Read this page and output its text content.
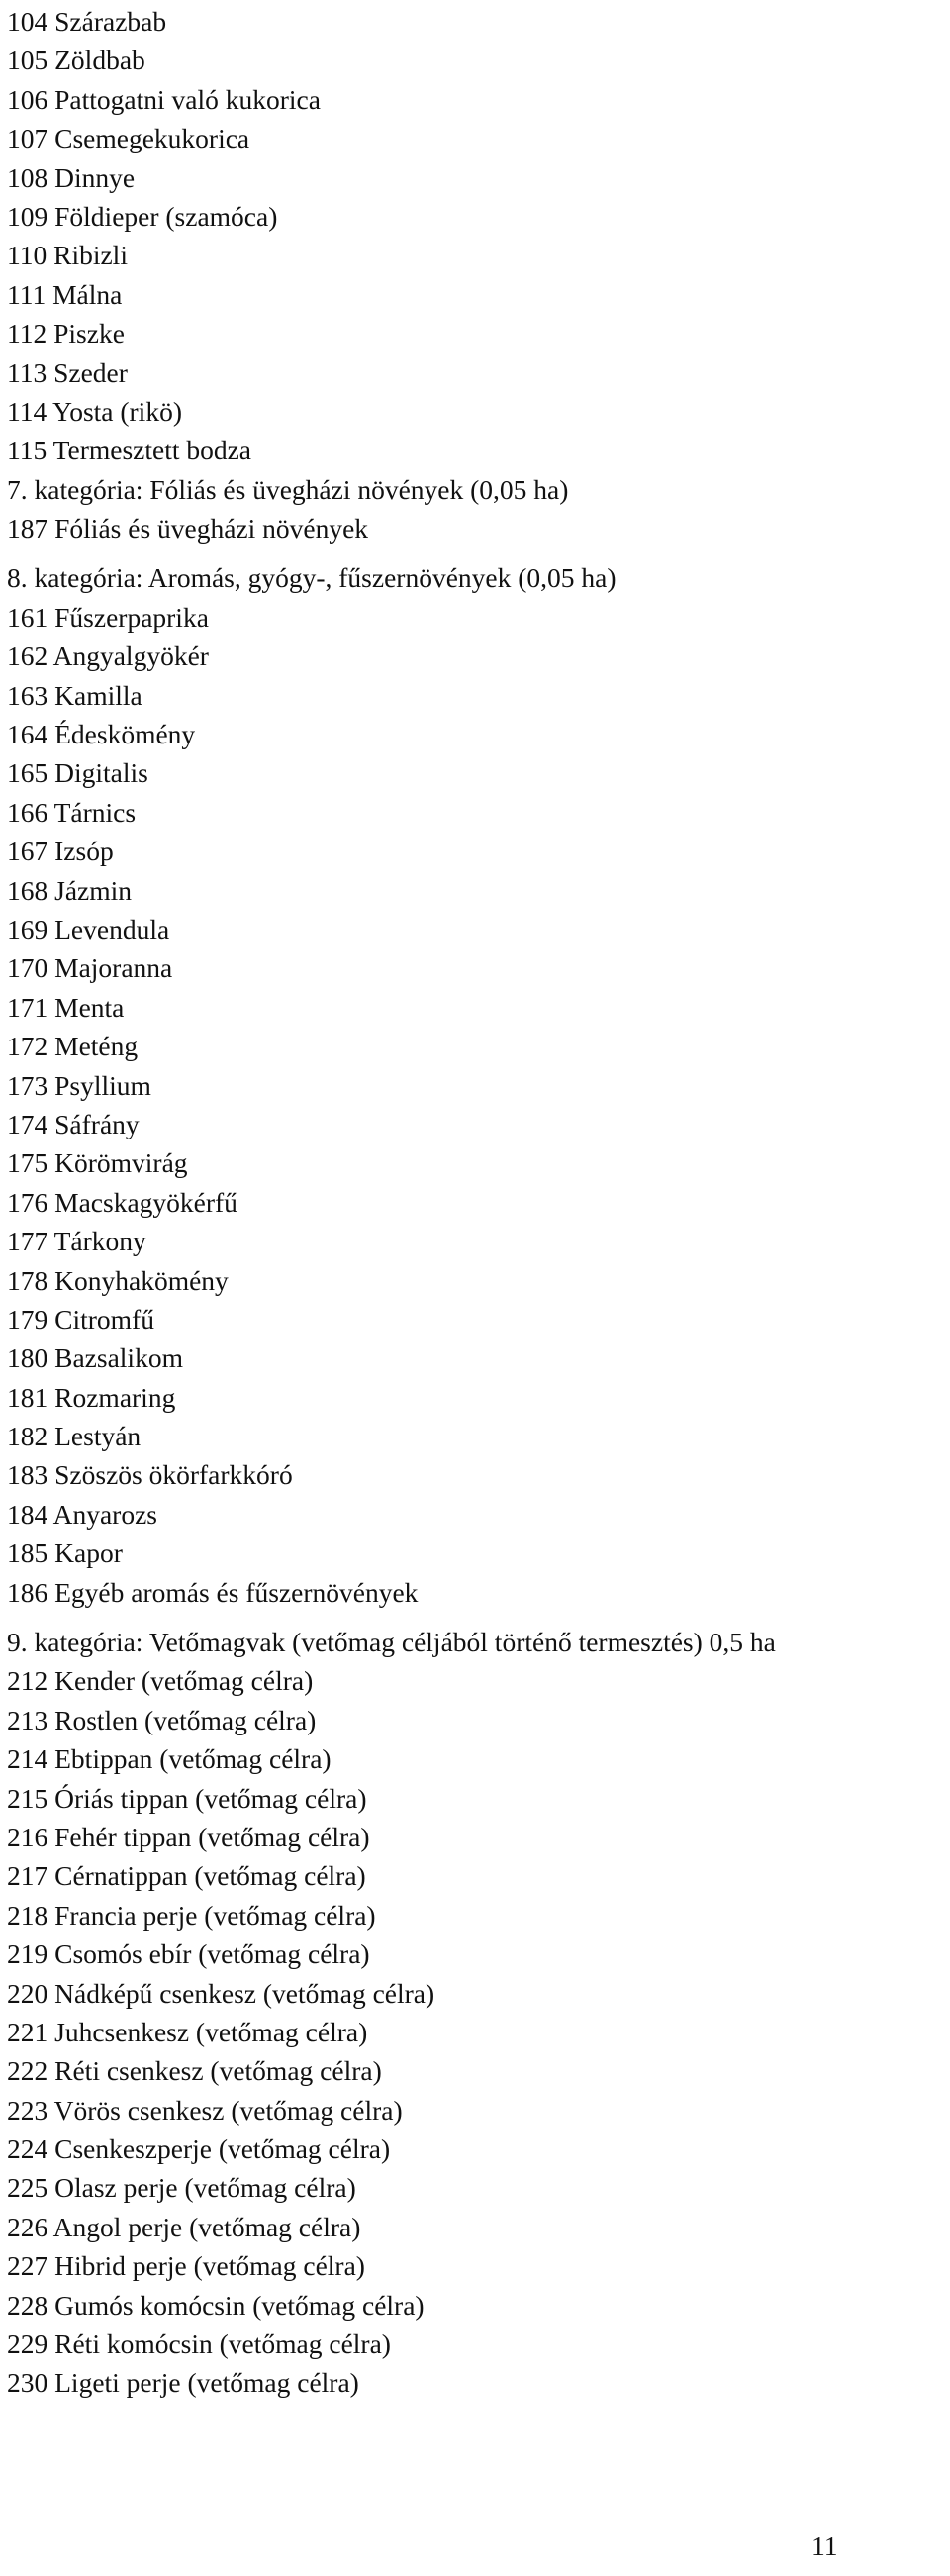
104 Szárazbab
105 Zöldbab
106 Pattogatni való kukorica
107 Csemegekukorica
108 Dinnye
109 Földieper (szamóca)
110 Ribizli
111 Málna
112 Piszke
113 Szeder
114 Yosta (rikö)
115 Termesztett bodza
7. kategória: Fóliás és üvegházi növények (0,05 ha)
187 Fóliás és üvegházi növények
8. kategória: Aromás, gyógy-, fűszernövények (0,05 ha)
161 Fűszerpaprika
162 Angyalgyökér
163 Kamilla
164 Édeskömény
165 Digitalis
166 Tárnics
167 Izsóp
168 Jázmin
169 Levendula
170 Majoranna
171 Menta
172 Meténg
173 Psyllium
174 Sáfrány
175 Körömvirág
176 Macskagyökérfű
177 Tárkony
178 Konyhakömény
179 Citromfű
180 Bazsalikom
181 Rozmaring
182 Lestyán
183 Szöszös ökörfarkkóró
184 Anyarozs
185 Kapor
186 Egyéb aromás és fűszernövények
9. kategória: Vetőmagvak (vetőmag céljából történő termesztés) 0,5 ha
212 Kender (vetőmag célra)
213 Rostlen (vetőmag célra)
214 Ebtippan (vetőmag célra)
215 Óriás tippan (vetőmag célra)
216 Fehér tippan (vetőmag célra)
217 Cérnatippan (vetőmag célra)
218 Francia perje (vetőmag célra)
219 Csomós ebír (vetőmag célra)
220 Nádképű csenkesz (vetőmag célra)
221 Juhcsenkesz (vetőmag célra)
222 Réti csenkesz (vetőmag célra)
223 Vörös csenkesz (vetőmag célra)
224 Csenkeszperje (vetőmag célra)
225 Olasz perje (vetőmag célra)
226 Angol perje (vetőmag célra)
227 Hibrid perje (vetőmag célra)
228 Gumós komócsin (vetőmag célra)
229 Réti komócsin (vetőmag célra)
230 Ligeti perje (vetőmag célra)
11
